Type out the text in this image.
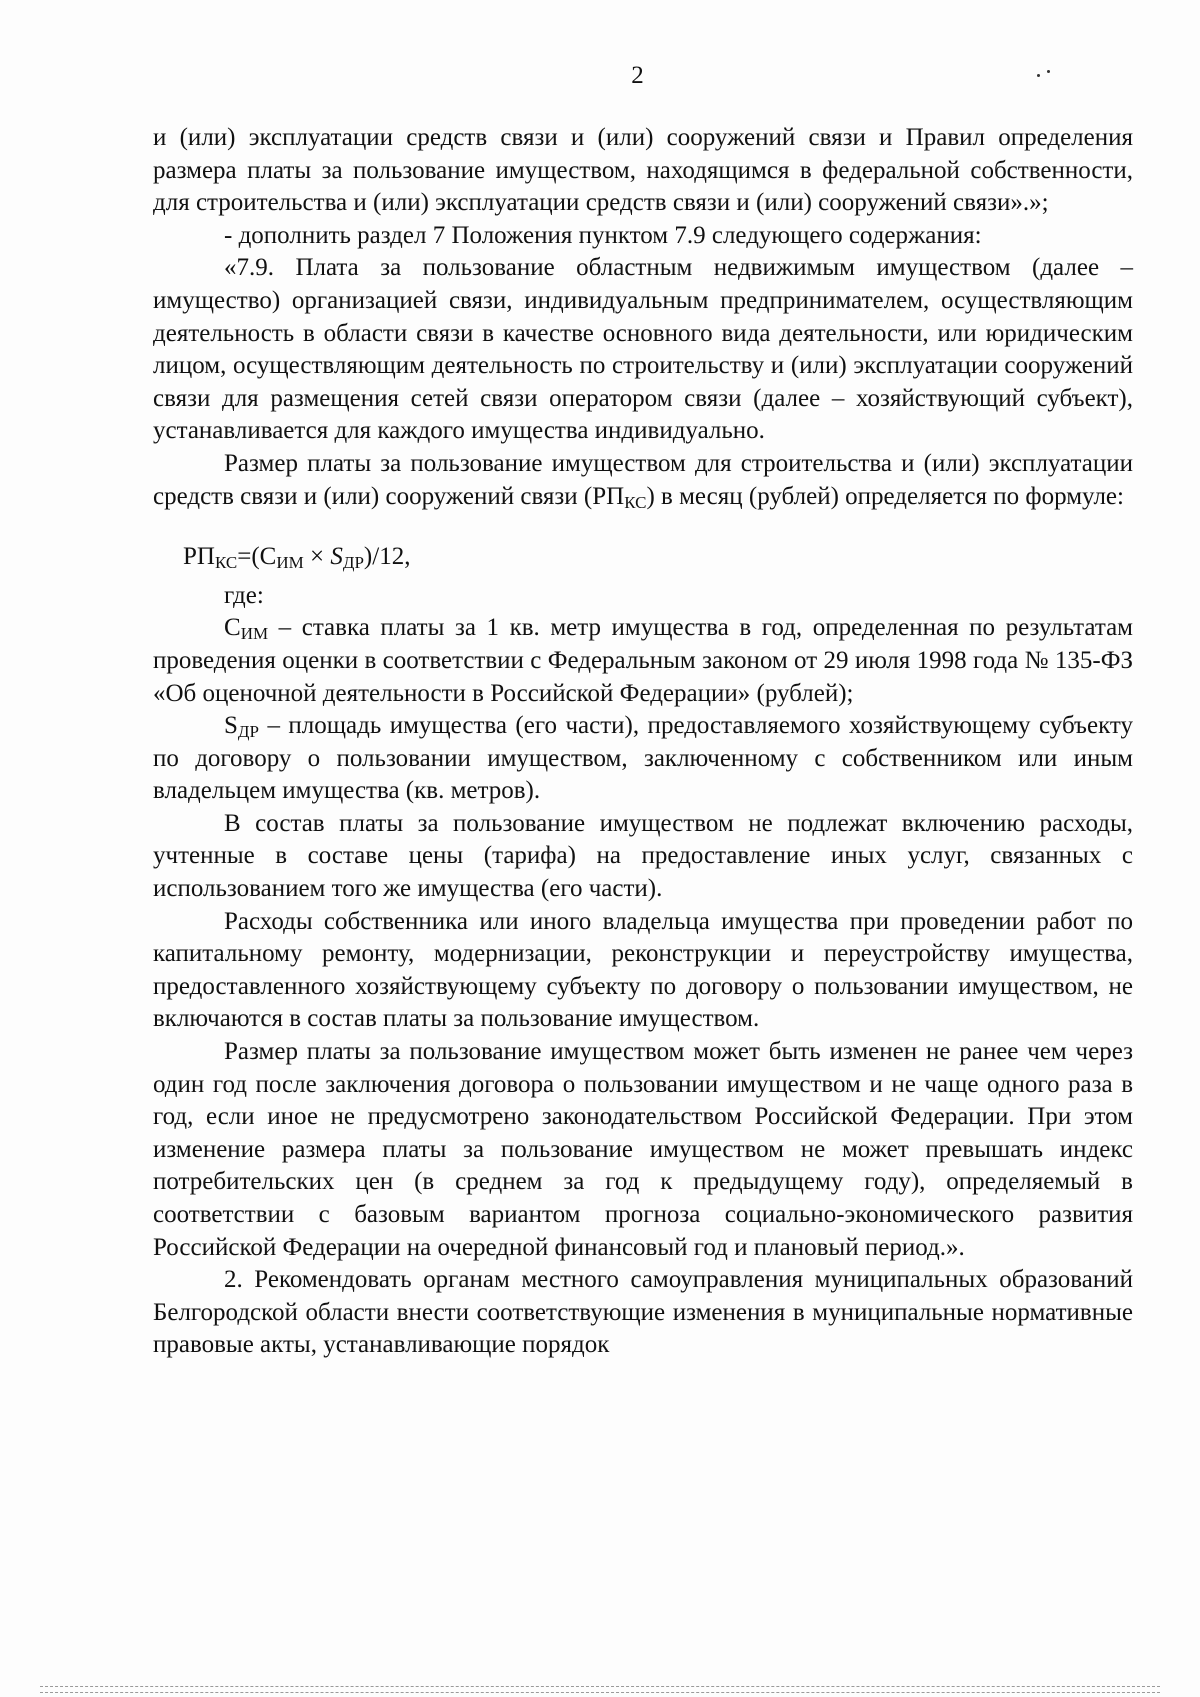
2

и (или) эксплуатации средств связи и (или) сооружений связи и Правил определения размера платы за пользование имуществом, находящимся в федеральной собственности, для строительства и (или) эксплуатации средств связи и (или) сооружений связи».»;

- дополнить раздел 7 Положения пунктом 7.9 следующего содержания:

«7.9. Плата за пользование областным недвижимым имуществом (далее – имущество) организацией связи, индивидуальным предпринимателем, осуществляющим деятельность в области связи в качестве основного вида деятельности, или юридическим лицом, осуществляющим деятельность по строительству и (или) эксплуатации сооружений связи для размещения сетей связи оператором связи (далее – хозяйствующий субъект), устанавливается для каждого имущества индивидуально.

Размер платы за пользование имуществом для строительства и (или) эксплуатации средств связи и (или) сооружений связи $(РП_{КС})$ в месяц (рублей) определяется по формуле:

$РП_{КС}=(С_{ИМ} \times S_{ДР})/12$,

где:

$С_{ИМ}$ – ставка платы за 1 кв. метр имущества в год, определенная по результатам проведения оценки в соответствии с Федеральным законом от 29 июля 1998 года № 135-ФЗ «Об оценочной деятельности в Российской Федерации» (рублей);

$S_{ДР}$ – площадь имущества (его части), предоставляемого хозяйствующему субъекту по договору о пользовании имуществом, заключенному с собственником или иным владельцем имущества (кв. метров).

В состав платы за пользование имуществом не подлежат включению расходы, учтенные в составе цены (тарифа) на предоставление иных услуг, связанных с использованием того же имущества (его части).

Расходы собственника или иного владельца имущества при проведении работ по капитальному ремонту, модернизации, реконструкции и переустройству имущества, предоставленного хозяйствующему субъекту по договору о пользовании имуществом, не включаются в состав платы за пользование имуществом.

Размер платы за пользование имуществом может быть изменен не ранее чем через один год после заключения договора о пользовании имуществом и не чаще одного раза в год, если иное не предусмотрено законодательством Российской Федерации. При этом изменение размера платы за пользование имуществом не может превышать индекс потребительских цен (в среднем за год к предыдущему году), определяемый в соответствии с базовым вариантом прогноза социально-экономического развития Российской Федерации на очередной финансовый год и плановый период.».

2. Рекомендовать органам местного самоуправления муниципальных образований Белгородской области внести соответствующие изменения в муниципальные нормативные правовые акты, устанавливающие порядок
